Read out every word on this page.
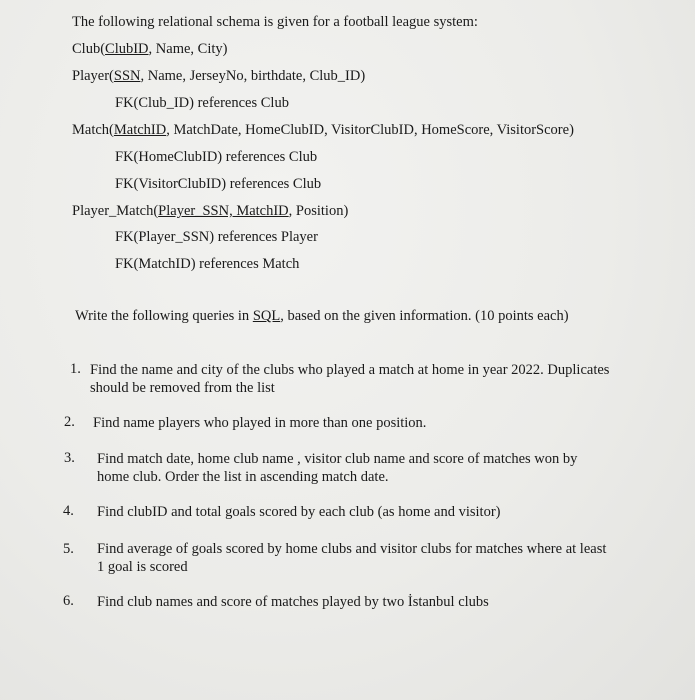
The following relational schema is given for a football league system:
Club(ClubID, Name, City)
Player(SSN, Name, JerseyNo, birthdate, Club_ID)
FK(Club_ID) references Club
Match(MatchID, MatchDate, HomeClubID, VisitorClubID, HomeScore, VisitorScore)
FK(HomeClubID) references Club
FK(VisitorClubID) references Club
Player_Match(Player_SSN, MatchID, Position)
FK(Player_SSN) references Player
FK(MatchID) references Match
Write the following queries in SQL, based on the given information. (10 points each)
1. Find the name and city of the clubs who played a match at home in year 2022. Duplicates should be removed from the list
2. Find name players who played in more than one position.
3. Find match date, home club name , visitor club name and score of matches won by home club. Order the list in ascending match date.
4. Find clubID and total goals scored by each club (as home and visitor)
5. Find average of goals scored by home clubs and visitor clubs for matches where at least 1 goal is scored
6. Find club names and score of matches played by two İstanbul clubs
